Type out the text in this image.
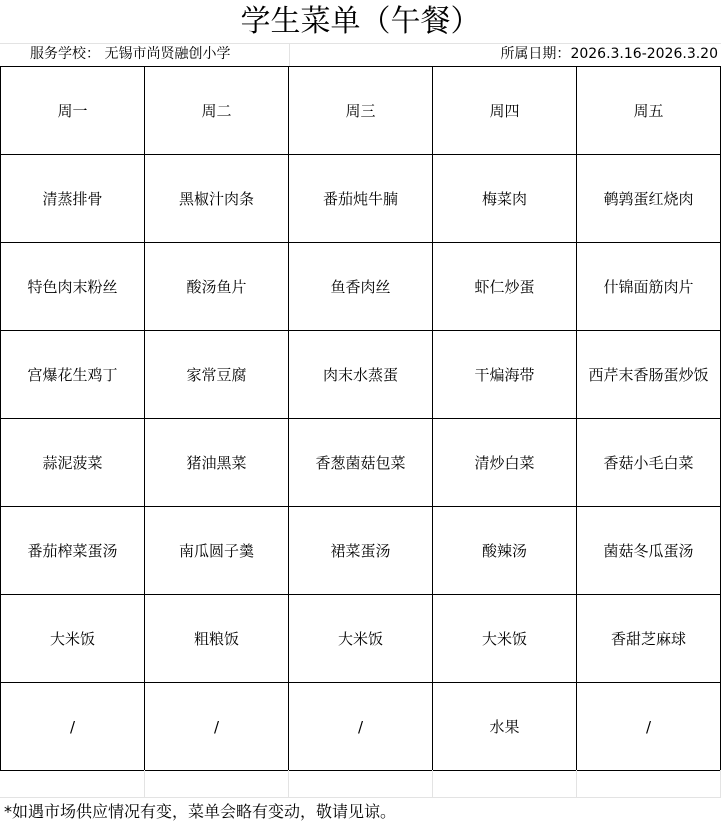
学生菜单（午餐）
服务学校： 无锡市尚贤融创小学	所属日期：2026.3.16-2026.3.20
周一	周二	周三	周四	周五
清蒸排骨	黑椒汁肉条	番茄炖牛腩	梅菜肉	鹌鹑蛋红烧肉
特色肉末粉丝	酸汤鱼片	鱼香肉丝	虾仁炒蛋	什锦面筋肉片
宫爆花生鸡丁	家常豆腐	肉末水蒸蛋	干煸海带	西芹末香肠蛋炒饭
蒜泥菠菜	猪油黑菜	香葱菌菇包菜	清炒白菜	香菇小毛白菜
番茄榨菜蛋汤	南瓜圆子羹	裙菜蛋汤	酸辣汤	菌菇冬瓜蛋汤
大米饭	粗粮饭	大米饭	大米饭	香甜芝麻球
/	/	/	水果	/
*如遇市场供应情况有变，菜单会略有变动，敬请见谅。
